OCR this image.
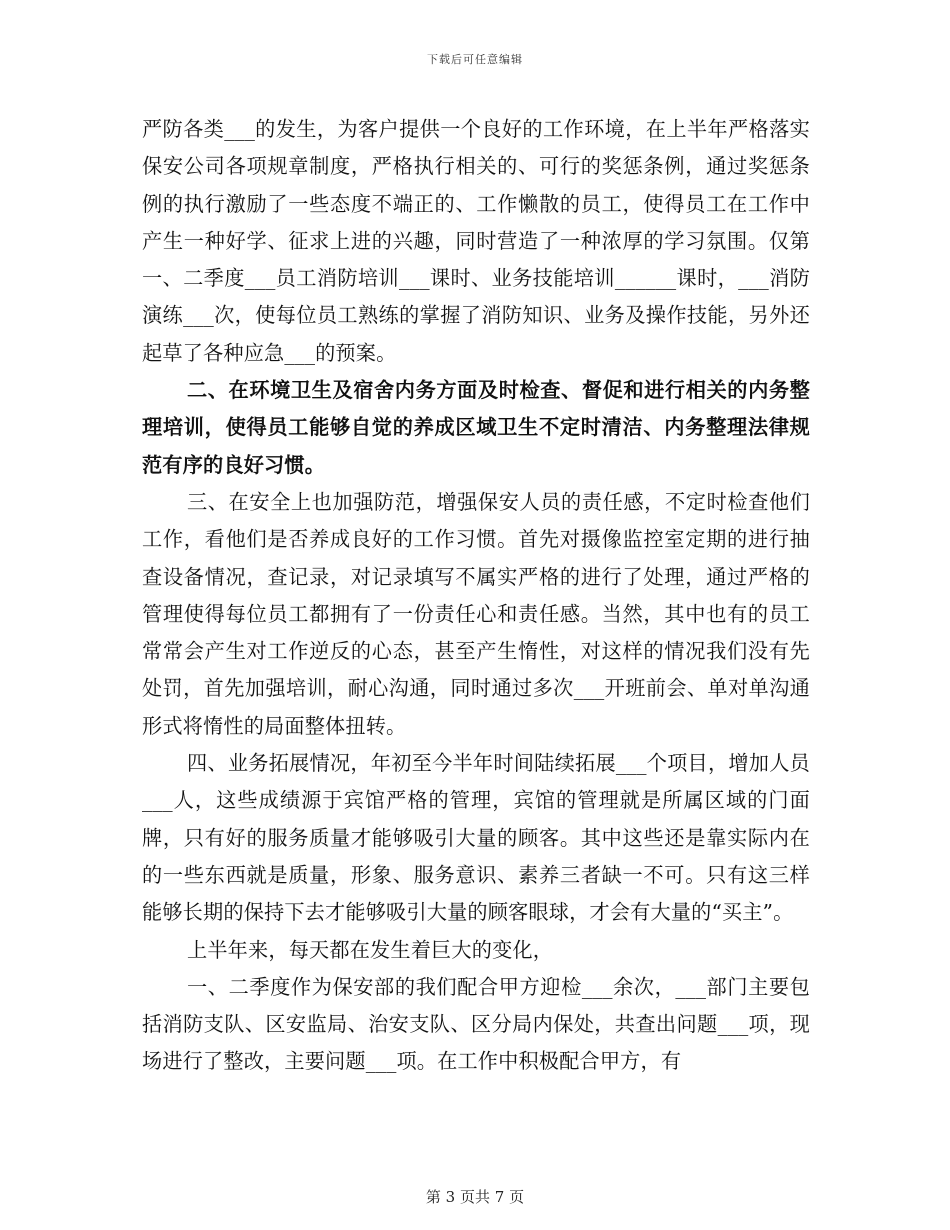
下载后可任意编辑

严防各类___的发生，为客户提供一个良好的工作环境，在上半年严格落实保安公司各项规章制度，严格执行相关的、可行的奖惩条例，通过奖惩条例的执行激励了一些态度不端正的、工作懒散的员工，使得员工在工作中产生一种好学、征求上进的兴趣，同时营造了一种浓厚的学习氛围。仅第一、二季度___员工消防培训___课时、业务技能培训______课时，___消防演练___次，使每位员工熟练的掌握了消防知识、业务及操作技能，另外还起草了各种应急___的预案。

二、在环境卫生及宿舍内务方面及时检查、督促和进行相关的内务整理培训，使得员工能够自觉的养成区域卫生不定时清洁、内务整理法律规范有序的良好习惯。

三、在安全上也加强防范，增强保安人员的责任感，不定时检查他们工作，看他们是否养成良好的工作习惯。首先对摄像监控室定期的进行抽查设备情况，查记录，对记录填写不属实严格的进行了处理，通过严格的管理使得每位员工都拥有了一份责任心和责任感。当然，其中也有的员工常常会产生对工作逆反的心态，甚至产生惰性，对这样的情况我们没有先处罚，首先加强培训，耐心沟通，同时通过多次___开班前会、单对单沟通形式将惰性的局面整体扭转。

四、业务拓展情况，年初至今半年时间陆续拓展___个项目，增加人员___人，这些成绩源于宾馆严格的管理，宾馆的管理就是所属区域的门面牌，只有好的服务质量才能够吸引大量的顾客。其中这些还是靠实际内在的一些东西就是质量，形象、服务意识、素养三者缺一不可。只有这三样能够长期的保持下去才能够吸引大量的顾客眼球，才会有大量的“买主”。

上半年来，每天都在发生着巨大的变化，

一、二季度作为保安部的我们配合甲方迎检___余次，___部门主要包括消防支队、区安监局、治安支队、区分局内保处，共查出问题___项，现场进行了整改，主要问题___项。在工作中积极配合甲方，有

第 3 页共 7 页
